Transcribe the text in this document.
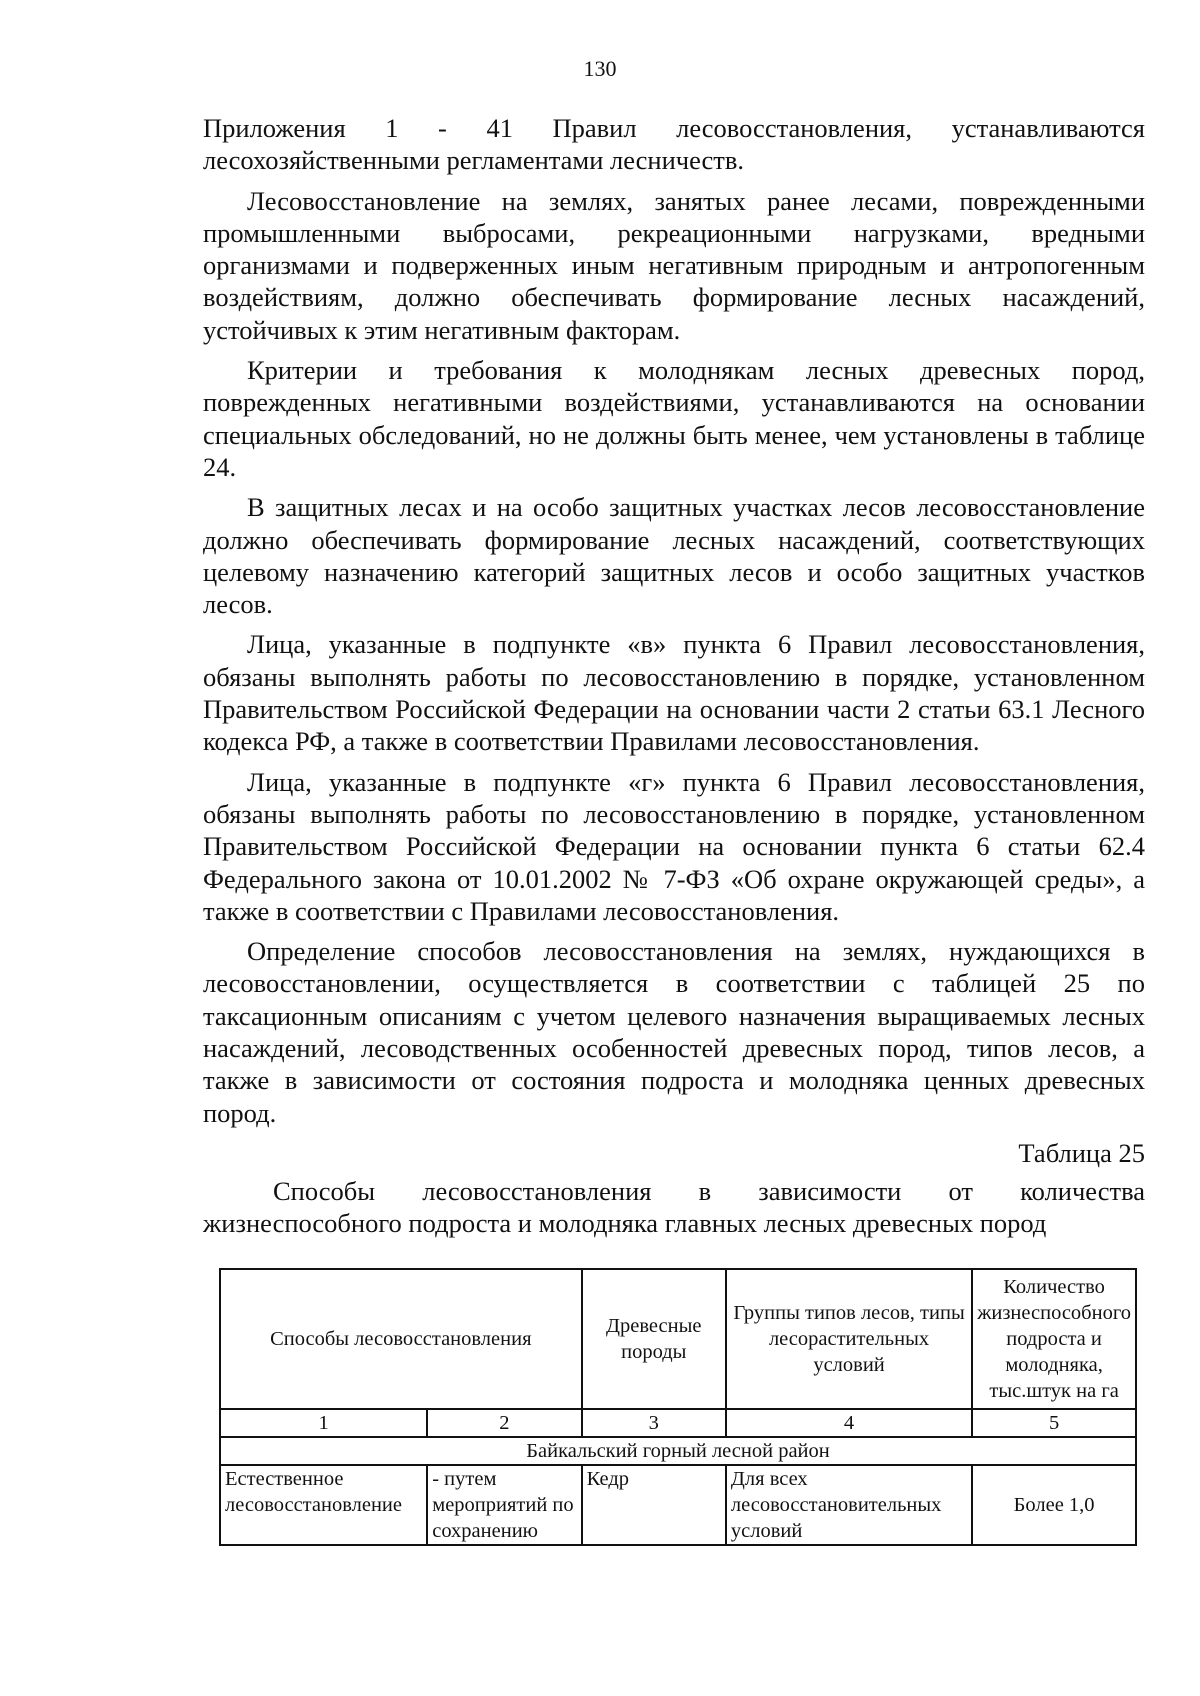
130

Приложения 1 - 41 Правил лесовосстановления, устанавливаются лесохозяйственными регламентами лесничеств.

Лесовосстановление на землях, занятых ранее лесами, поврежденными промышленными выбросами, рекреационными нагрузками, вредными организмами и подверженных иным негативным природным и антропогенным воздействиям, должно обеспечивать формирование лесных насаждений, устойчивых к этим негативным факторам.

Критерии и требования к молоднякам лесных древесных пород, поврежденных негативными воздействиями, устанавливаются на основании специальных обследований, но не должны быть менее, чем установлены в таблице 24.

В защитных лесах и на особо защитных участках лесов лесовосстановление должно обеспечивать формирование лесных насаждений, соответствующих целевому назначению категорий защитных лесов и особо защитных участков лесов.

Лица, указанные в подпункте «в» пункта 6 Правил лесовосстановления, обязаны выполнять работы по лесовосстановлению в порядке, установленном Правительством Российской Федерации на основании части 2 статьи 63.1 Лесного кодекса РФ, а также в соответствии Правилами лесовосстановления.

Лица, указанные в подпункте «г» пункта 6 Правил лесовосстановления, обязаны выполнять работы по лесовосстановлению в порядке, установленном Правительством Российской Федерации на основании пункта 6 статьи 62.4 Федерального закона от 10.01.2002 № 7-ФЗ «Об охране окружающей среды», а также в соответствии с Правилами лесовосстановления.

Определение способов лесовосстановления на землях, нуждающихся в лесовосстановлении, осуществляется в соответствии с таблицей 25 по таксационным описаниям с учетом целевого назначения выращиваемых лесных насаждений, лесоводственных особенностей древесных пород, типов лесов, а также в зависимости от состояния подроста и молодняка ценных древесных пород.

Таблица 25

Способы лесовосстановления в зависимости от количества жизнеспособного подроста и молодняка главных лесных древесных пород

Способы лесовосстановления		Древесные породы	Группы типов лесов, типы лесорастительных условий	Количество жизнеспособного подроста и молодняка, тыс.штук на га
1	2	3	4	5
Байкальский горный лесной район				
Естественное лесовосстановление	- путем мероприятий по сохранению	Кедр	Для всех лесовосстановительных условий	Более 1,0
